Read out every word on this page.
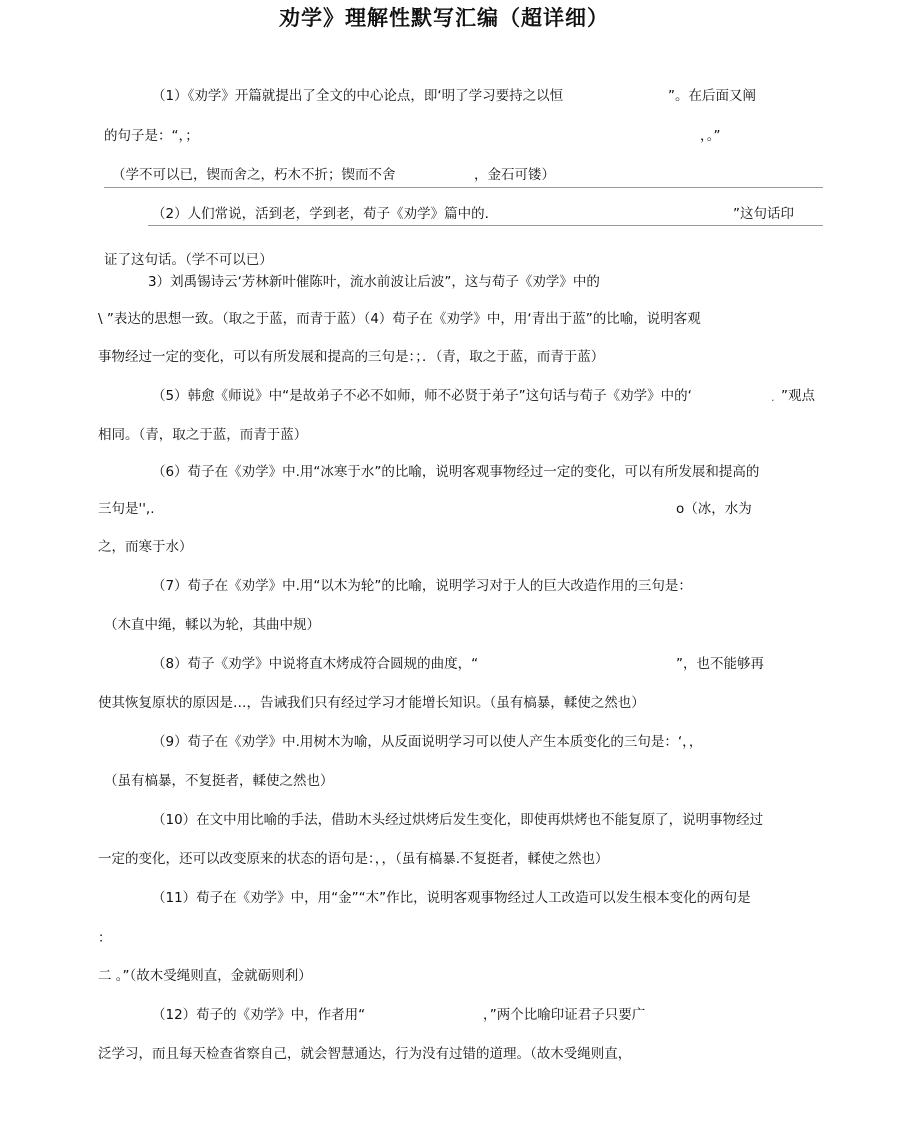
劝学》理解性默写汇编（超详细）
（1）《劝学》开篇就提出了全文的中心论点，即‘明了学习要持之以恒	”。在后面又阐
的句子是：“，；	，。”
（学不可以已，锲而舍之，朽木不折；锲而不舍	，金石可镂）
（2）人们常说，活到老，学到老，荀子《劝学》篇中的.	”这句话印
证了这句话。（学不可以已）
3）刘禹锡诗云‘芳林新叶催陈叶，流水前波让后波”，这与荀子《劝学》中的
\ ”表达的思想一致。（取之于蓝，而青于蓝）（4）荀子在《劝学》中，用‘青出于蓝”的比喻，说明客观
事物经过一定的变化，可以有所发展和提高的三句是：；．（青，取之于蓝，而青于蓝）
（5）韩愈《师说》中“是故弟子不必不如师，师不必贤于弟子”这句话与荀子《劝学》中的‘	. ”观点
相同。（青，取之于蓝，而青于蓝）
（6）荀子在《劝学》中.用“冰寒于水”的比喻，说明客观事物经过一定的变化，可以有所发展和提高的
三句是'',.	o（冰，水为
之，而寒于水）
（7）荀子在《劝学》中.用“以木为轮”的比喻，说明学习对于人的巨大改造作用的三句是：
（木直中绳，輮以为轮，其曲中规）
（8）荀子《劝学》中说将直木烤成符合圆规的曲度，“	”，也不能够再
使其恢复原状的原因是…，告诫我们只有经过学习才能增长知识。（虽有槁暴，輮使之然也）
（9）荀子在《劝学》中.用树木为喻，从反面说明学习可以使人产生本质变化的三句是：‘，，
（虽有槁暴，不复挺者，輮使之然也）
（10）在文中用比喻的手法，借助木头经过烘烤后发生变化，即使再烘烤也不能复原了，说明事物经过
一定的变化，还可以改变原来的状态的语句是：，，（虽有槁暴.不复挺者，輮使之然也）
（11）荀子在《劝学》中，用“金”“木”作比，说明客观事物经过人工改造可以发生根本变化的两句是
：
二 。”（故木受绳则直，金就砺则利）
（12）荀子的《劝学》中，作者用“	，”两个比喻印证君子只要广
泛学习，而且每天检查省察自己，就会智慧通达，行为没有过错的道理。（故木受绳则直，
